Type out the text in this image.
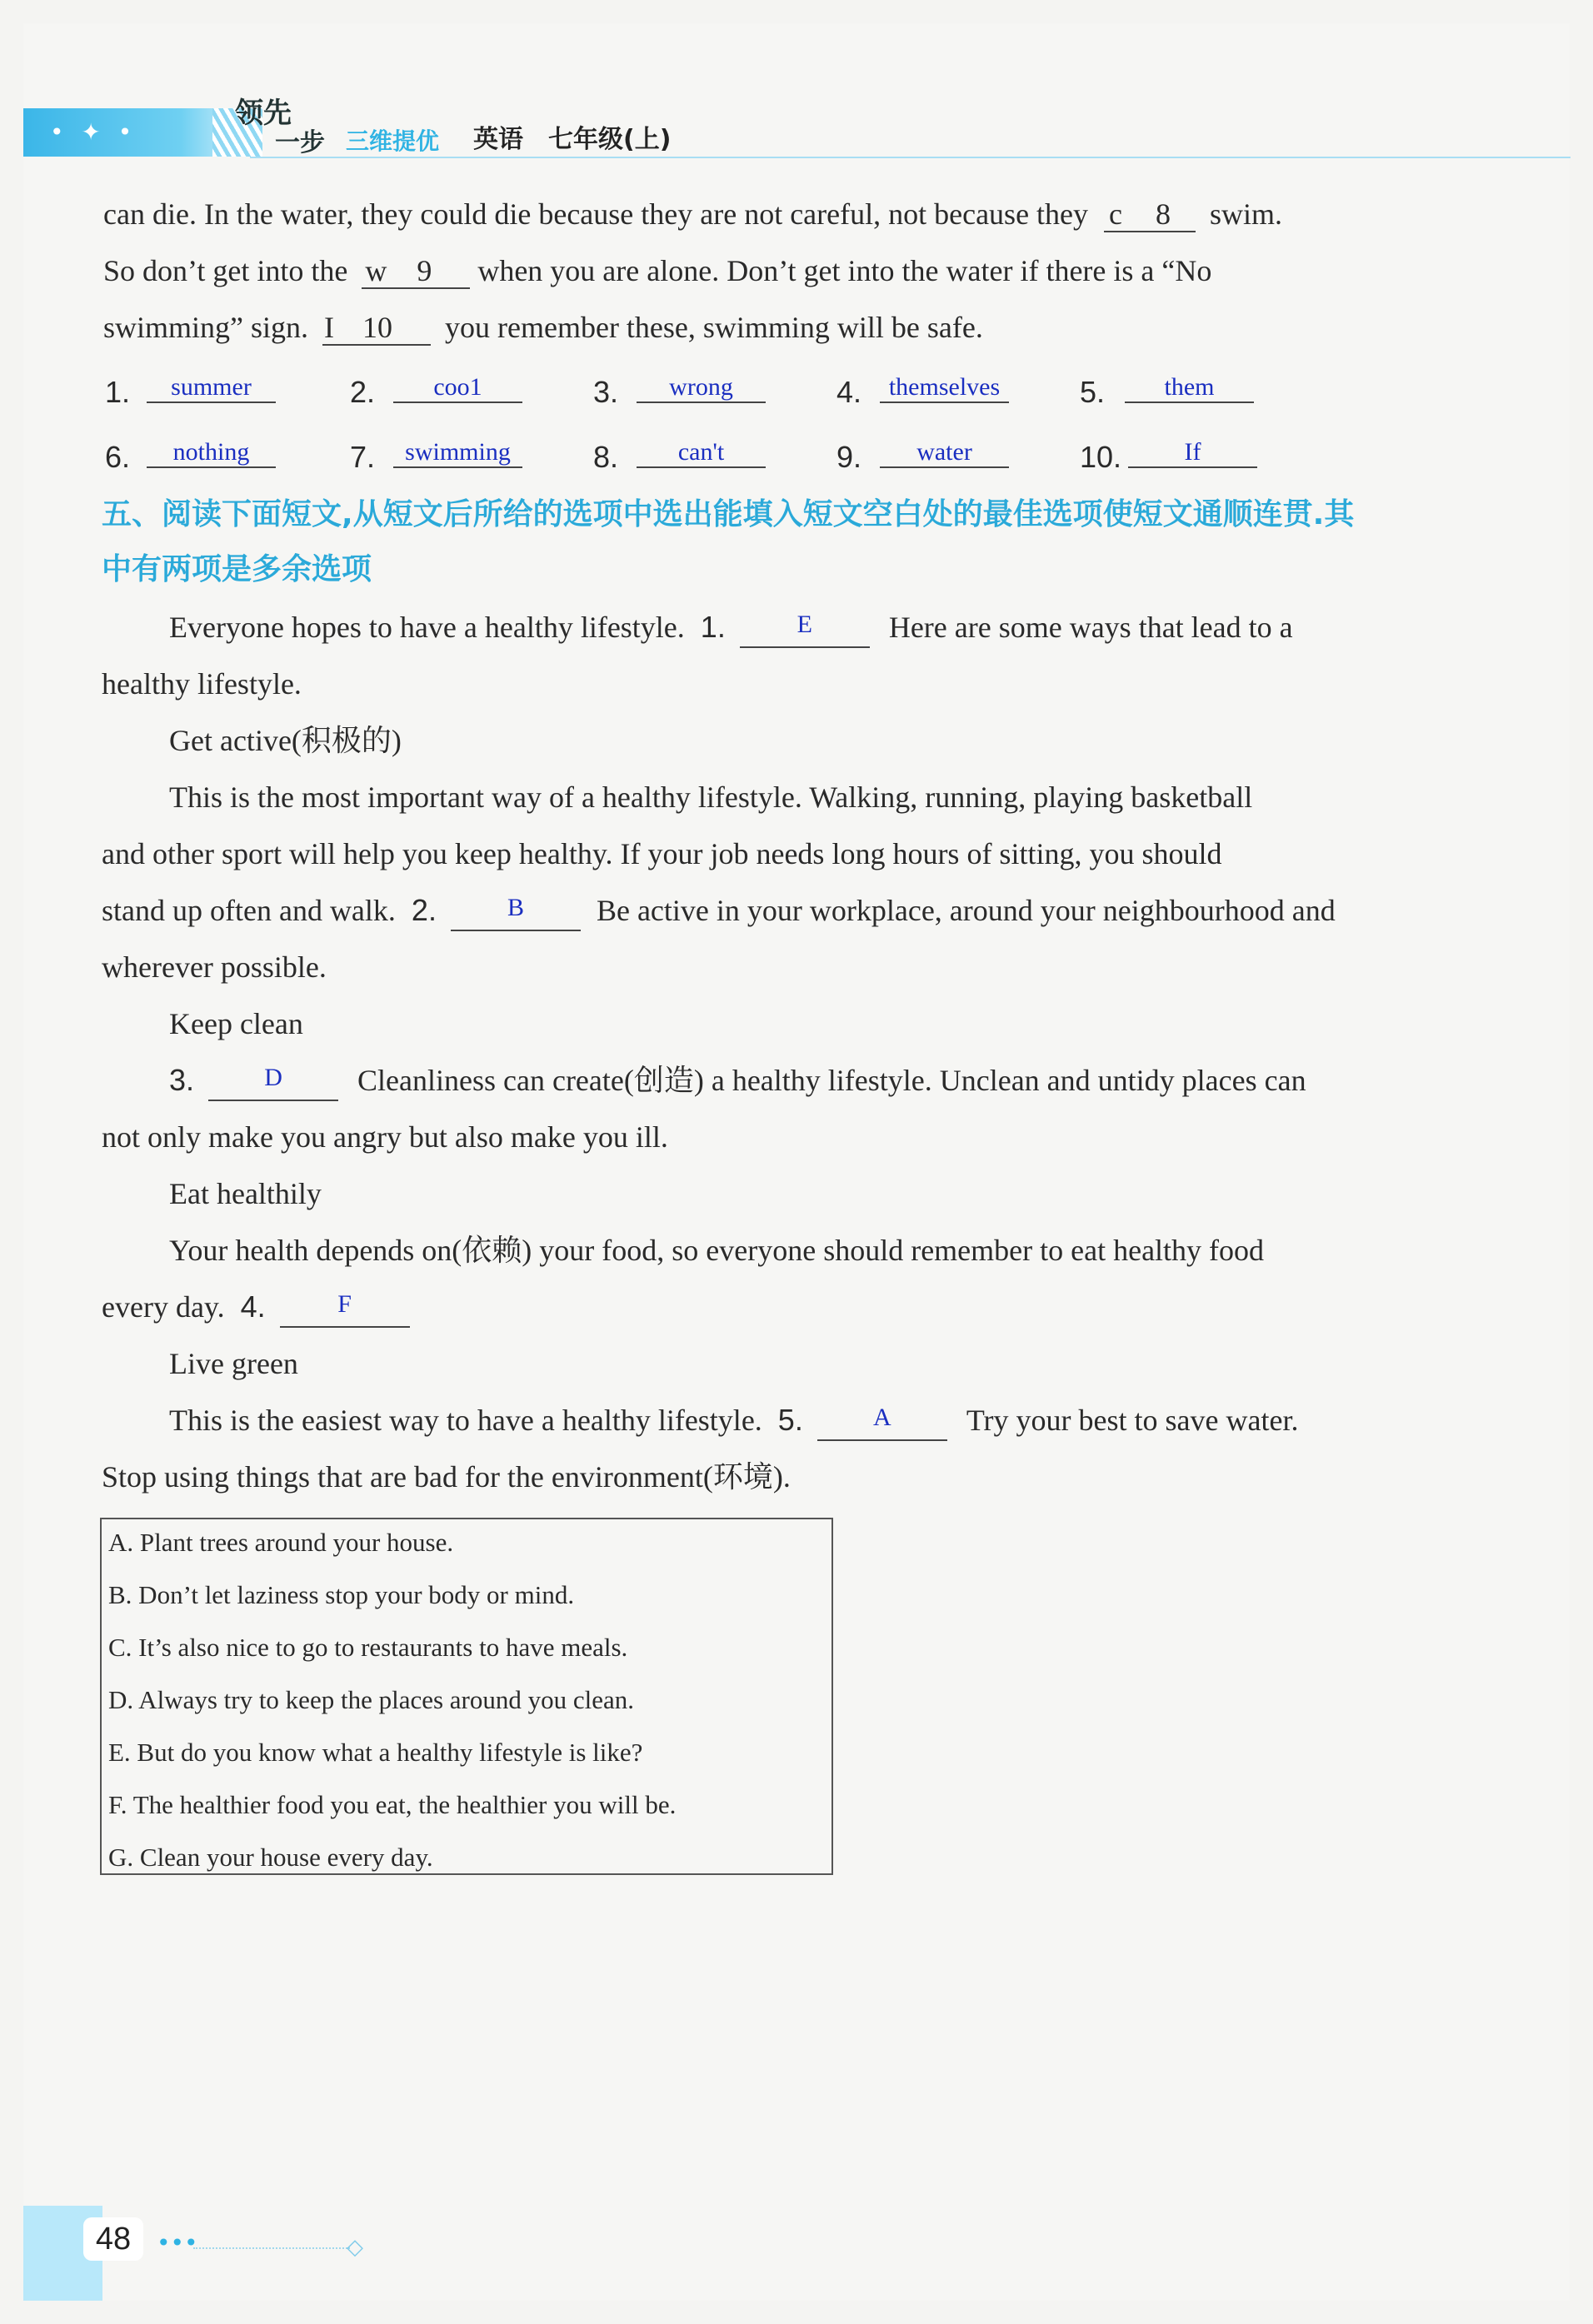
• ✦ •
领先
一步 三维提优 英语　七年级(上)
can die. In the water, they could die because they are not careful, not because they c 8 swim.
So don’t get into the w 9 when you are alone. Don’t get into the water if there is a “No
swimming” sign. I 10 you remember these, swimming will be safe.
1.	summer	2.	coo1	3.	wrong	4.	themselves	5.	them
6.	nothing	7.	swimming	8.	can't	9.	water	10.	If
五、阅读下面短文,从短文后所给的选项中选出能填入短文空白处的最佳选项使短文通顺连贯.其
中有两项是多余选项
Everyone hopes to have a healthy lifestyle. 1.	E	Here are some ways that lead to a
healthy lifestyle.
Get active(积极的)
This is the most important way of a healthy lifestyle. Walking, running, playing basketball
and other sport will help you keep healthy. If your job needs long hours of sitting, you should
stand up often and walk. 2.	B Be active in your workplace, around your neighbourhood and
wherever possible.
Keep clean
3.	D	Cleanliness can create(创造) a healthy lifestyle. Unclean and untidy places can
not only make you angry but also make you ill.
Eat healthily
Your health depends on(依赖) your food, so everyone should remember to eat healthy food
every day. 4.	F
Live green
This is the easiest way to have a healthy lifestyle. 5.	A	Try your best to save water.
Stop using things that are bad for the environment(环境).
A. Plant trees around your house.
B. Don’t let laziness stop your body or mind.
C. It’s also nice to go to restaurants to have meals.
D. Always try to keep the places around you clean.
E. But do you know what a healthy lifestyle is like?
F. The healthier food you eat, the healthier you will be.
G. Clean your house every day.
48	•••	◇
